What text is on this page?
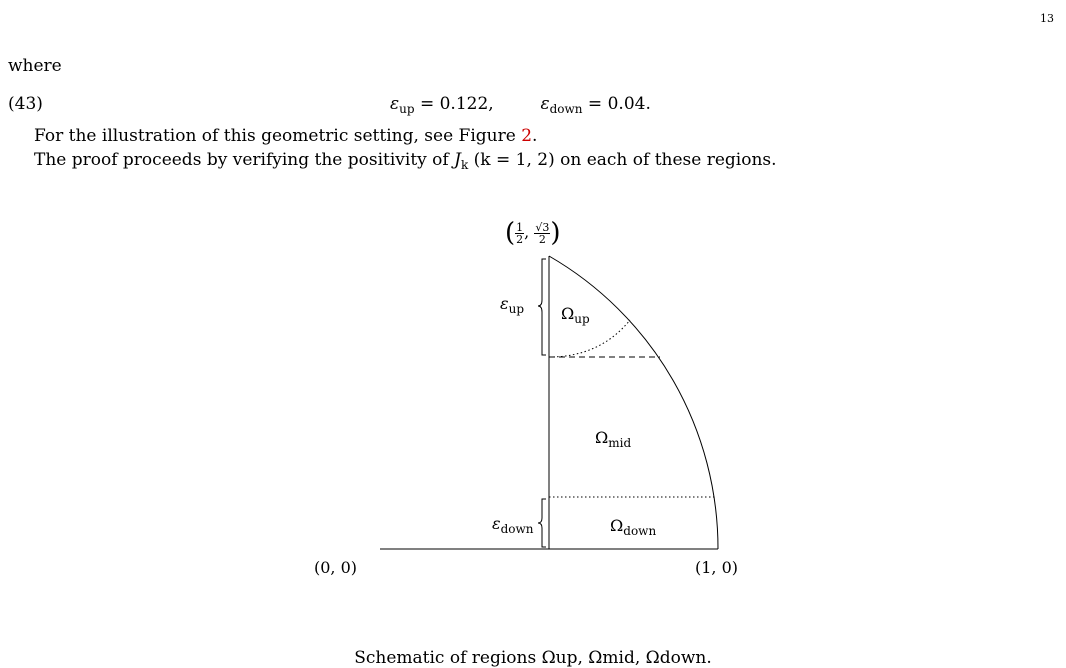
13
where
(43)	$\varepsilon_{up} = 0.122$,	$\varepsilon_{down} = 0.04$.
For the illustration of this geometric setting, see Figure 2.
The proof proceeds by verifying the positivity of $J_k$ (k = 1, 2) on each of these regions.
( $\frac{1}{2}$ , $\frac{√3}{2}$ )
$\varepsilon_{up}$
$\varepsilon_{down}$
$\Omega_{up}$
$\Omega_{mid}$
$\Omega_{down}$
(0, 0)	(1, 0)
Schematic of regions Ωup, Ωmid, Ωdown.
